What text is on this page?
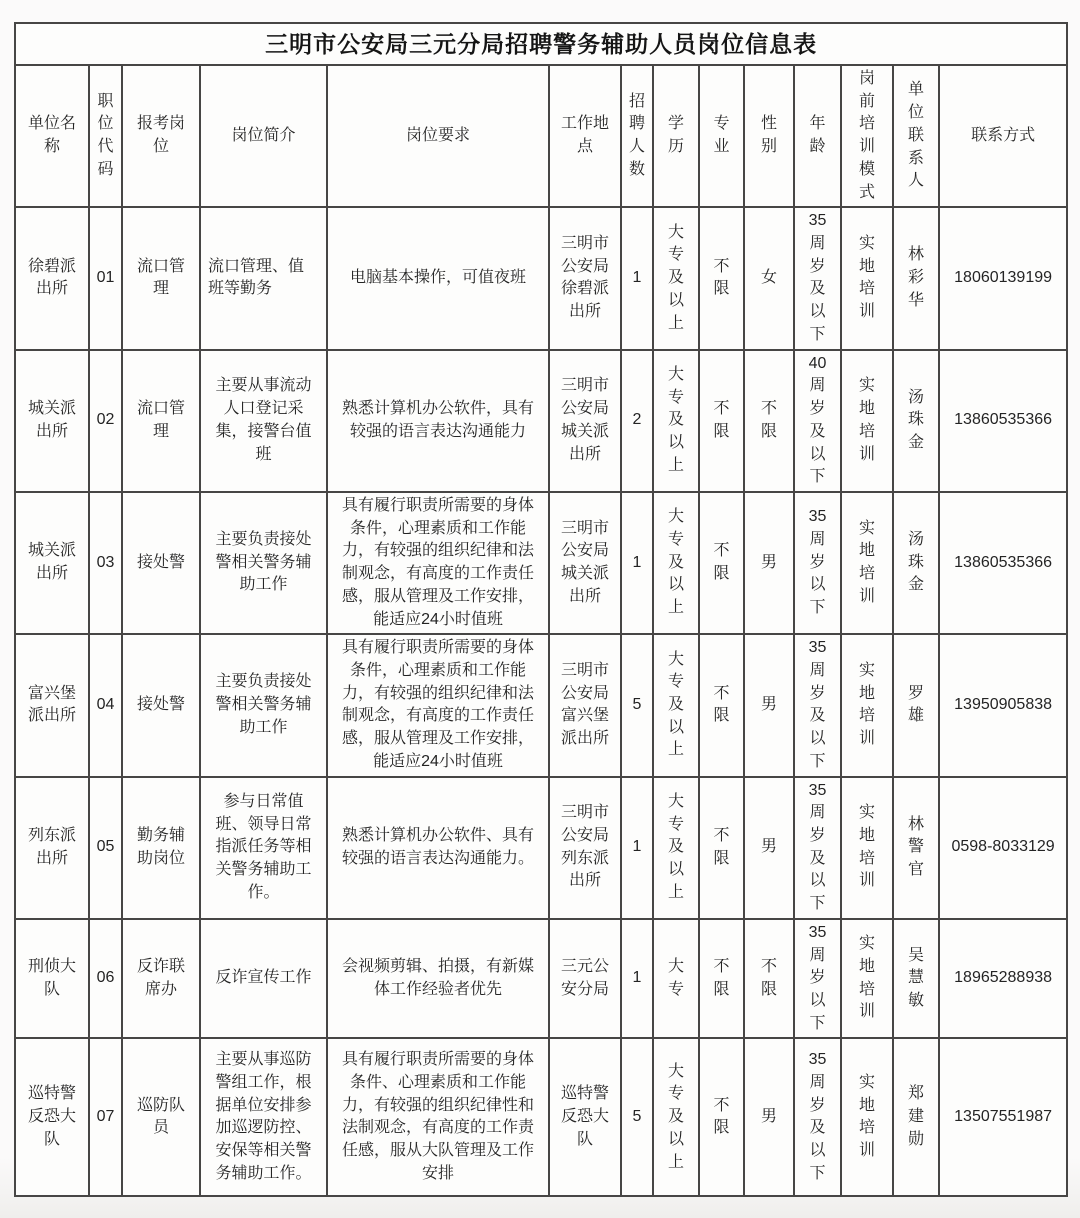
三明市公安局三元分局招聘警务辅助人员岗位信息表													
单位名称	职位代码	报考岗位	岗位简介	岗位要求	工作地点	招聘人数	学历	专业	性别	年龄	岗前培训模式	单位联系人	联系方式
徐碧派出所	01	流口管理	流口管理、值班等勤务	电脑基本操作，可值夜班	三明市公安局徐碧派出所	1	大专及以上	不限	女	35周岁及以下	实地培训	林彩华	18060139199
城关派出所	02	流口管理	主要从事流动人口登记采集，接警台值班	熟悉计算机办公软件，具有较强的语言表达沟通能力	三明市公安局城关派出所	2	大专及以上	不限	不限	40周岁及以下	实地培训	汤珠金	13860535366
城关派出所	03	接处警	主要负责接处警相关警务辅助工作	具有履行职责所需要的身体条件，心理素质和工作能力，有较强的组织纪律和法制观念，有高度的工作责任感，服从管理及工作安排，能适应24小时值班	三明市公安局城关派出所	1	大专及以上	不限	男	35周岁以下	实地培训	汤珠金	13860535366
富兴堡派出所	04	接处警	主要负责接处警相关警务辅助工作	具有履行职责所需要的身体条件，心理素质和工作能力，有较强的组织纪律和法制观念，有高度的工作责任感，服从管理及工作安排，能适应24小时值班	三明市公安局富兴堡派出所	5	大专及以上	不限	男	35周岁及以下	实地培训	罗雄	13950905838
列东派出所	05	勤务辅助岗位	参与日常值班、领导日常指派任务等相关警务辅助工作。	熟悉计算机办公软件、具有较强的语言表达沟通能力。	三明市公安局列东派出所	1	大专及以上	不限	男	35周岁及以下	实地培训	林警官	0598-8033129
刑侦大队	06	反诈联席办	反诈宣传工作	会视频剪辑、拍摄，有新媒体工作经验者优先	三元公安分局	1	大专	不限	不限	35周岁以下	实地培训	吴慧敏	18965288938
巡特警反恐大队	07	巡防队员	主要从事巡防警组工作，根据单位安排参加巡逻防控、安保等相关警务辅助工作。	具有履行职责所需要的身体条件、心理素质和工作能力，有较强的组织纪律性和法制观念，有高度的工作责任感，服从大队管理及工作安排	巡特警反恐大队	5	大专及以上	不限	男	35周岁及以下	实地培训	郑建勋	13507551987
